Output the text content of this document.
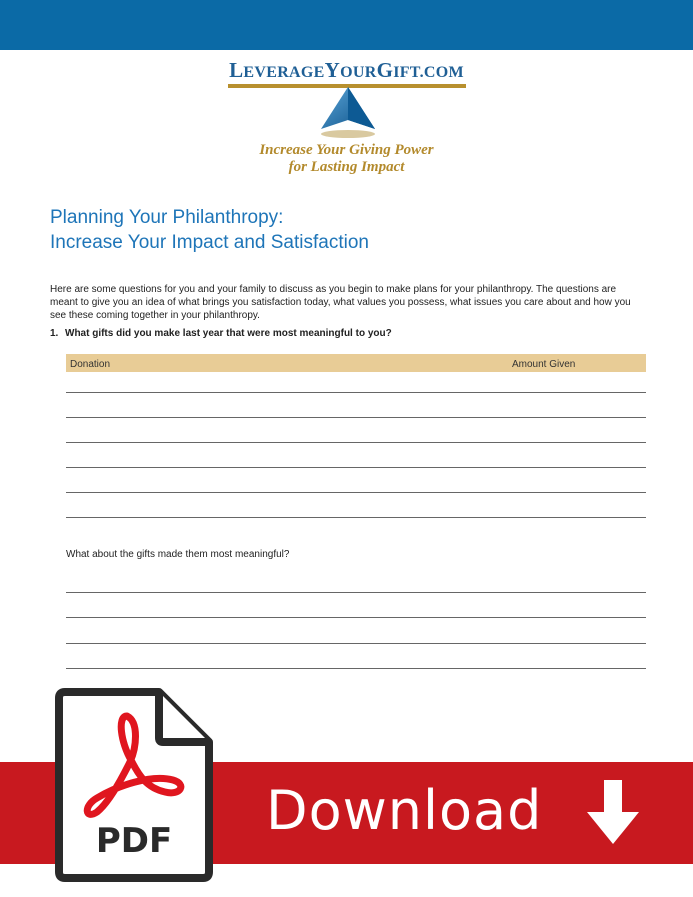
LEVERAGEYOURGIFT.COM
Increase Your Giving Power
for Lasting Impact
Planning Your Philanthropy:
Increase Your Impact and Satisfaction
Here are some questions for you and your family to discuss as you begin to make plans for your philanthropy. The questions are meant to give you an idea of what brings you satisfaction today, what values you possess, what issues you care about and how you see these coming together in your philanthropy.
1. What gifts did you make last year that were most meaningful to you?
Donation	Amount Given
What about the gifts made them most meaningful?
Download
PDF
